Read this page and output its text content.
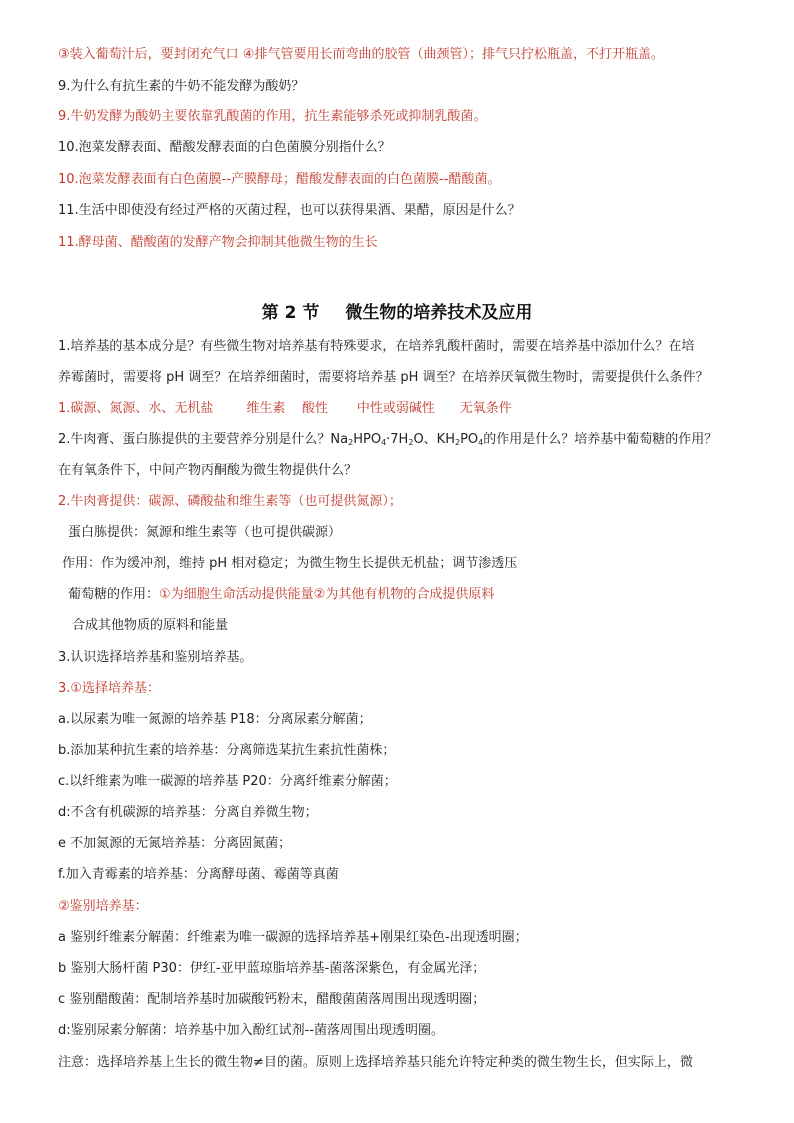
③装入葡萄汁后，要封闭充气口 ④排气管要用长而弯曲的胶管（曲颈管）；排气只拧松瓶盖，不打开瓶盖。
9.为什么有抗生素的牛奶不能发酵为酸奶？
9.牛奶发酵为酸奶主要依靠乳酸菌的作用，抗生素能够杀死或抑制乳酸菌。
10.泡菜发酵表面、醋酸发酵表面的白色菌膜分别指什么？
10.泡菜发酵表面有白色菌膜--产膜酵母；醋酸发酵表面的白色菌膜--醋酸菌。
11.生活中即使没有经过严格的灭菌过程，也可以获得果酒、果醋，原因是什么？
11.酵母菌、醋酸菌的发酵产物会抑制其他微生物的生长
第 2 节 微生物的培养技术及应用
1.培养基的基本成分是？有些微生物对培养基有特殊要求，在培养乳酸杆菌时，需要在培养基中添加什么？在培
养霉菌时，需要将 pH 调至？在培养细菌时，需要将培养基 pH 调至？在培养厌氧微生物时，需要提供什么条件？
1.碳源、氮源、水、无机盐        维生素    酸性       中性或弱碱性      无氧条件
2.牛肉膏、蛋白胨提供的主要营养分别是什么？$Na_2HPO_4\cdot 7H_2O$、$KH_2PO_4$的作用是什么？培养基中葡萄糖的作用？
在有氧条件下，中间产物丙酮酸为微生物提供什么？
2.牛肉膏提供：碳源、磷酸盐和维生素等（也可提供氮源）；
蛋白胨提供：氮源和维生素等（也可提供碳源）
作用：作为缓冲剂，维持 pH 相对稳定；为微生物生长提供无机盐；调节渗透压
葡萄糖的作用：①为细胞生命活动提供能量②为其他有机物的合成提供原料
合成其他物质的原料和能量
3.认识选择培养基和鉴别培养基。
3.①选择培养基：
a.以尿素为唯一氮源的培养基 P18：分离尿素分解菌；
b.添加某种抗生素的培养基：分离筛选某抗生素抗性菌株；
c.以纤维素为唯一碳源的培养基 P20：分离纤维素分解菌；
d:不含有机碳源的培养基：分离自养微生物；
e 不加氮源的无氮培养基：分离固氮菌；
f.加入青霉素的培养基：分离酵母菌、霉菌等真菌
②鉴别培养基：
a 鉴别纤维素分解菌：纤维素为唯一碳源的选择培养基+刚果红染色-出现透明圈；
b 鉴别大肠杆菌 P30：伊红-亚甲蓝琼脂培养基-菌落深紫色，有金属光泽；
c 鉴别醋酸菌：配制培养基时加碳酸钙粉末，醋酸菌菌落周围出现透明圈；
d:鉴别尿素分解菌：培养基中加入酚红试剂--菌落周围出现透明圈。
注意：选择培养基上生长的微生物≠目的菌。原则上选择培养基只能允许特定种类的微生物生长，但实际上，微
